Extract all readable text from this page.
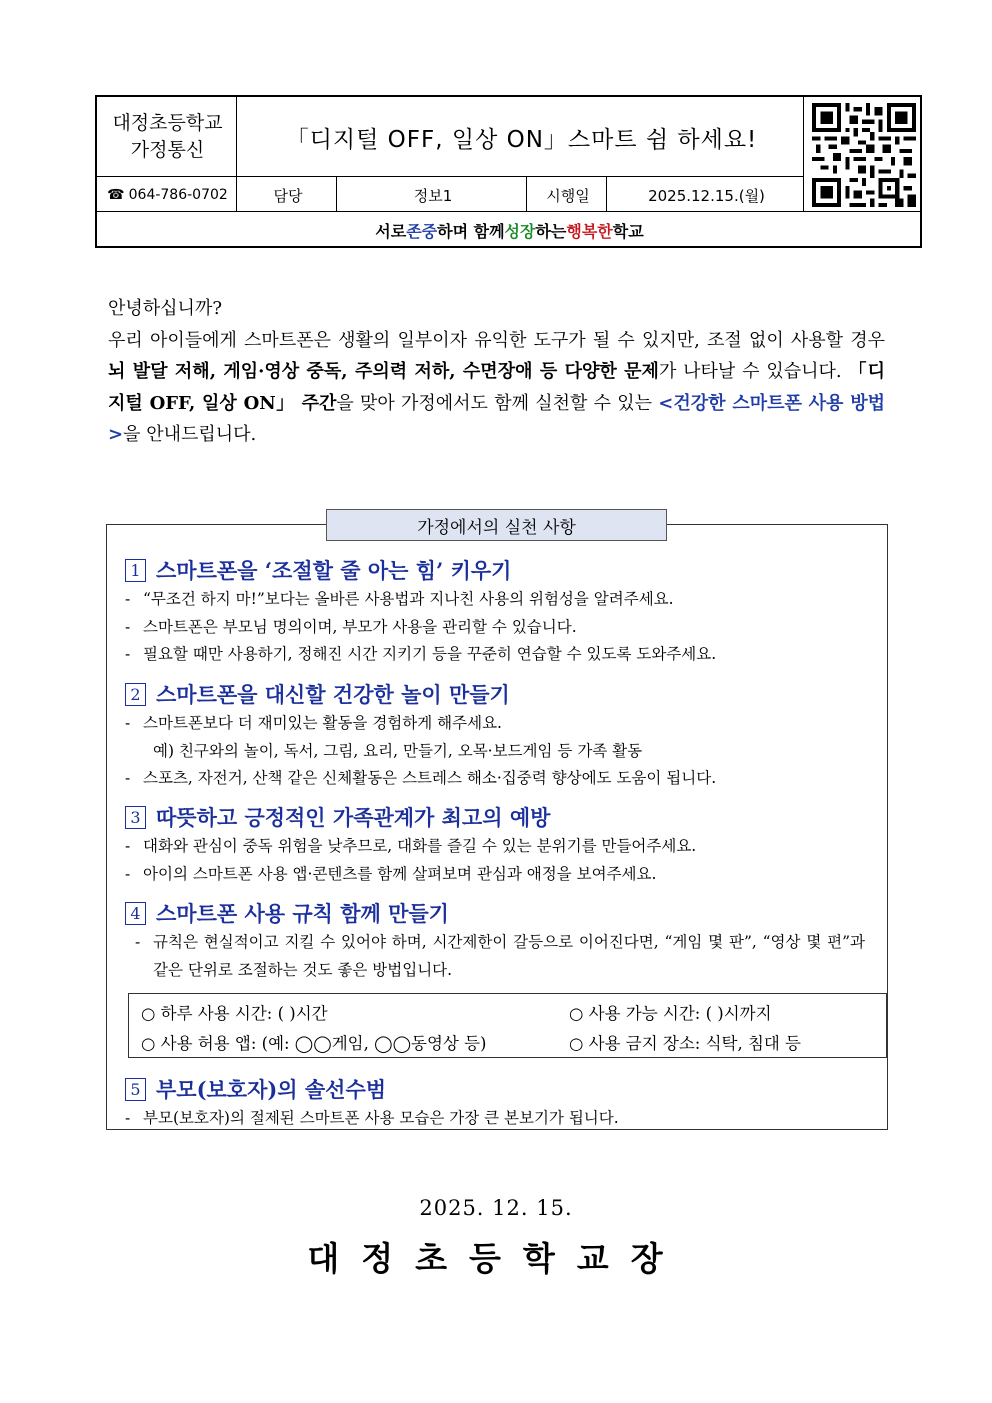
대정초등학교
가정통신	「디지털 OFF, 일상 ON」스마트 쉼 하세요!
☎ 064-786-0702	담당	정보1	시행일	2025.12.15.(월)
서로 존중 하며 함께 성장 하는 행복한 학교

안녕하십니까?

우리 아이들에게 스마트폰은 생활의 일부이자 유익한 도구가 될 수 있지만, 조절 없이 사용할 경우 뇌 발달 저해, 게임·영상 중독, 주의력 저하, 수면장애 등 다양한 문제가 나타날 수 있습니다. 「디지털 OFF, 일상 ON」 주간을 맞아 가정에서도 함께 실천할 수 있는 <건강한 스마트폰 사용 방법>을 안내드립니다.

가정에서의 실천 사항
1 스마트폰을 ‘조절할 줄 아는 힘’ 키우기
- “무조건 하지 마!”보다는 올바른 사용법과 지나친 사용의 위험성을 알려주세요.
- 스마트폰은 부모님 명의이며, 부모가 사용을 관리할 수 있습니다.
- 필요할 때만 사용하기, 정해진 시간 지키기 등을 꾸준히 연습할 수 있도록 도와주세요.
2 스마트폰을 대신할 건강한 놀이 만들기
- 스마트폰보다 더 재미있는 활동을 경험하게 해주세요.
예) 친구와의 놀이, 독서, 그림, 요리, 만들기, 오목·보드게임 등 가족 활동
- 스포츠, 자전거, 산책 같은 신체활동은 스트레스 해소·집중력 향상에도 도움이 됩니다.
3 따뜻하고 긍정적인 가족관계가 최고의 예방
- 대화와 관심이 중독 위험을 낮추므로, 대화를 즐길 수 있는 분위기를 만들어주세요.
- 아이의 스마트폰 사용 앱·콘텐츠를 함께 살펴보며 관심과 애정을 보여주세요.
4 스마트폰 사용 규칙 함께 만들기
- 규칙은 현실적이고 지킬 수 있어야 하며, 시간제한이 갈등으로 이어진다면, “게임 몇 판”, “영상 몇 편”과 같은 단위로 조절하는 것도 좋은 방법입니다.
○ 하루 사용 시간: ( )시간	○ 사용 가능 시간: ( )시까지
○ 사용 허용 앱: (예: ◯◯게임, ◯◯동영상 등)	○ 사용 금지 장소: 식탁, 침대 등
5 부모(보호자)의 솔선수범
- 부모(보호자)의 절제된 스마트폰 사용 모습은 가장 큰 본보기가 됩니다.
2025. 12. 15.
대정초등학교장
